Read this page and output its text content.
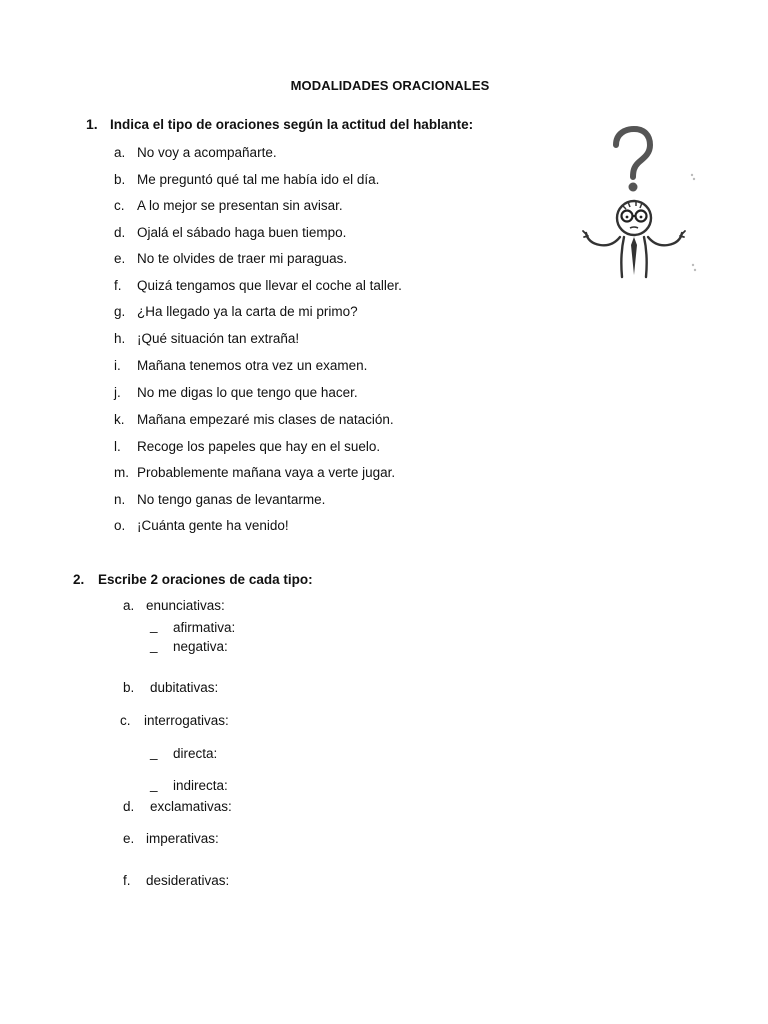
MODALIDADES ORACIONALES
1. Indica el tipo de oraciones según la actitud del hablante:
a. No voy a acompañarte.
b. Me preguntó qué tal me había ido el día.
c. A lo mejor se presentan sin avisar.
d. Ojalá el sábado haga buen tiempo.
e. No te olvides de traer mi paraguas.
f. Quizá tengamos que llevar el coche al taller.
g. ¿Ha llegado ya la carta de mi primo?
h. ¡Qué situación tan extraña!
i. Mañana tenemos otra vez un examen.
j. No me digas lo que tengo que hacer.
k. Mañana empezaré mis clases de natación.
l. Recoge los papeles que hay en el suelo.
m. Probablemente mañana vaya a verte jugar.
n. No tengo ganas de levantarme.
o. ¡Cuánta gente ha venido!
2. Escribe 2 oraciones de cada tipo:
a. enunciativas:
_ afirmativa:
_ negativa:
b. dubitativas:
c. interrogativas:
_ directa:
_ indirecta:
d. exclamativas:
e. imperativas:
f. desiderativas:
